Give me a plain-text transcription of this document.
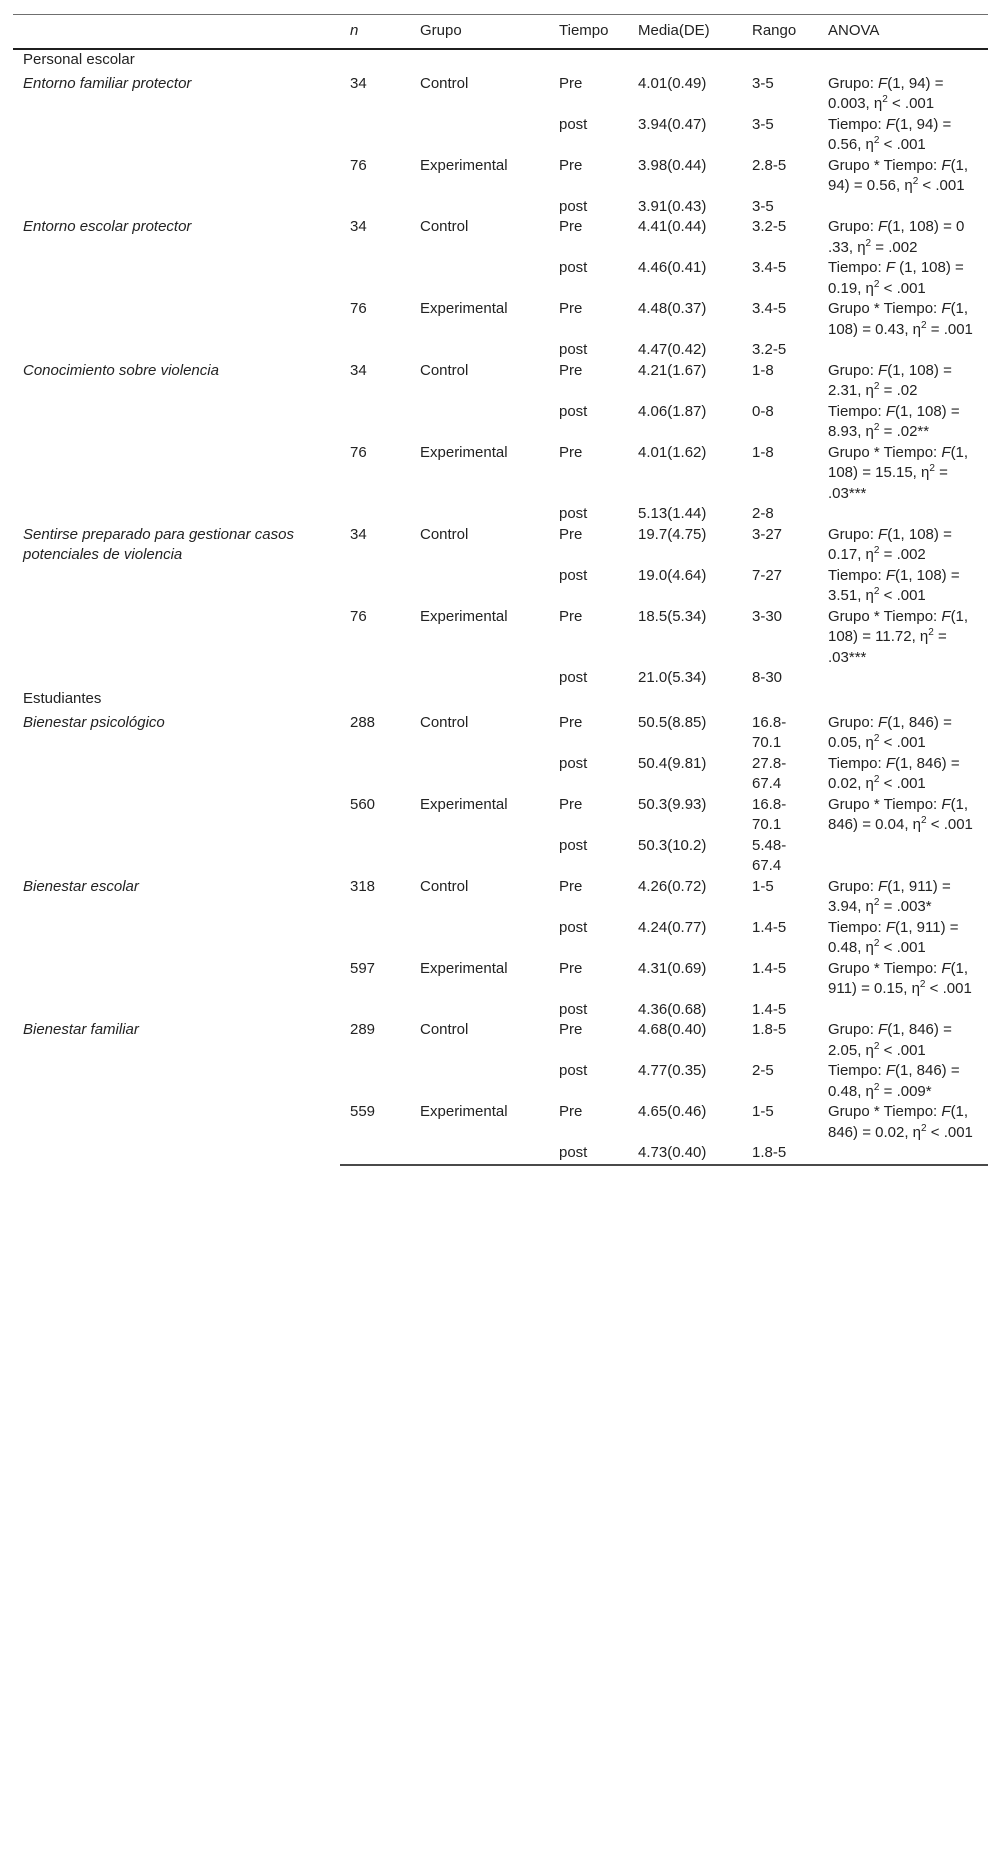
	n	Grupo	Tiempo	Media(DE)	Rango	ANOVA
Personal escolar						
Entorno familiar protector	34	Control	Pre	4.01(0.49)	3-5	Grupo: F(1, 94) = 0.003, $\eta^2 < .001$
			post	3.94(0.47)	3-5	Tiempo: F(1, 94) = 0.56, $\eta^2 < .001$
	76	Experimental	Pre	3.98(0.44)	2.8-5	Grupo * Tiempo: F(1, 94) = 0.56, $\eta^2 < .001$
			post	3.91(0.43)	3-5	
Entorno escolar protector	34	Control	Pre	4.41(0.44)	3.2-5	Grupo: F(1, 108) = 0 .33, $\eta^2 = .002$
			post	4.46(0.41)	3.4-5	Tiempo: F (1, 108) = 0.19, $\eta^2 < .001$
	76	Experimental	Pre	4.48(0.37)	3.4-5	Grupo * Tiempo: F(1, 108) = 0.43, $\eta^2 = .001$
			post	4.47(0.42)	3.2-5	
Conocimiento sobre violencia	34	Control	Pre	4.21(1.67)	1-8	Grupo: F(1, 108) = 2.31, $\eta^2 = .02$
			post	4.06(1.87)	0-8	Tiempo: F(1, 108) = 8.93, $\eta^2 = .02**$
	76	Experimental	Pre	4.01(1.62)	1-8	Grupo * Tiempo: F(1, 108) = 15.15, $\eta^2 = .03***$
			post	5.13(1.44)	2-8	
Sentirse preparado para gestionar casos potenciales de violencia	34	Control	Pre	19.7(4.75)	3-27	Grupo: F(1, 108) = 0.17, $\eta^2 = .002$
			post	19.0(4.64)	7-27	Tiempo: F(1, 108) = 3.51, $\eta^2 < .001$
	76	Experimental	Pre	18.5(5.34)	3-30	Grupo * Tiempo: F(1, 108) = 11.72, $\eta^2 = .03***$
			post	21.0(5.34)	8-30	
Estudiantes						
Bienestar psicológico	288	Control	Pre	50.5(8.85)	16.8-70.1	Grupo: F(1, 846) = 0.05, $\eta^2 < .001$
			post	50.4(9.81)	27.8-67.4	Tiempo: F(1, 846) = 0.02, $\eta^2 < .001$
	560	Experimental	Pre	50.3(9.93)	16.8-70.1	Grupo * Tiempo: F(1, 846) = 0.04, $\eta^2 < .001$
			post	50.3(10.2)	5.48-67.4	
Bienestar escolar	318	Control	Pre	4.26(0.72)	1-5	Grupo: F(1, 911) = 3.94, $\eta^2 = .003*$
			post	4.24(0.77)	1.4-5	Tiempo: F(1, 911) = 0.48, $\eta^2 < .001$
	597	Experimental	Pre	4.31(0.69)	1.4-5	Grupo * Tiempo: F(1, 911) = 0.15, $\eta^2 < .001$
			post	4.36(0.68)	1.4-5	
Bienestar familiar	289	Control	Pre	4.68(0.40)	1.8-5	Grupo: F(1, 846) = 2.05, $\eta^2 < .001$
			post	4.77(0.35)	2-5	Tiempo: F(1, 846) = 0.48, $\eta^2 = .009*$
	559	Experimental	Pre	4.65(0.46)	1-5	Grupo * Tiempo: F(1, 846) = 0.02, $\eta^2 < .001$
			post	4.73(0.40)	1.8-5	
